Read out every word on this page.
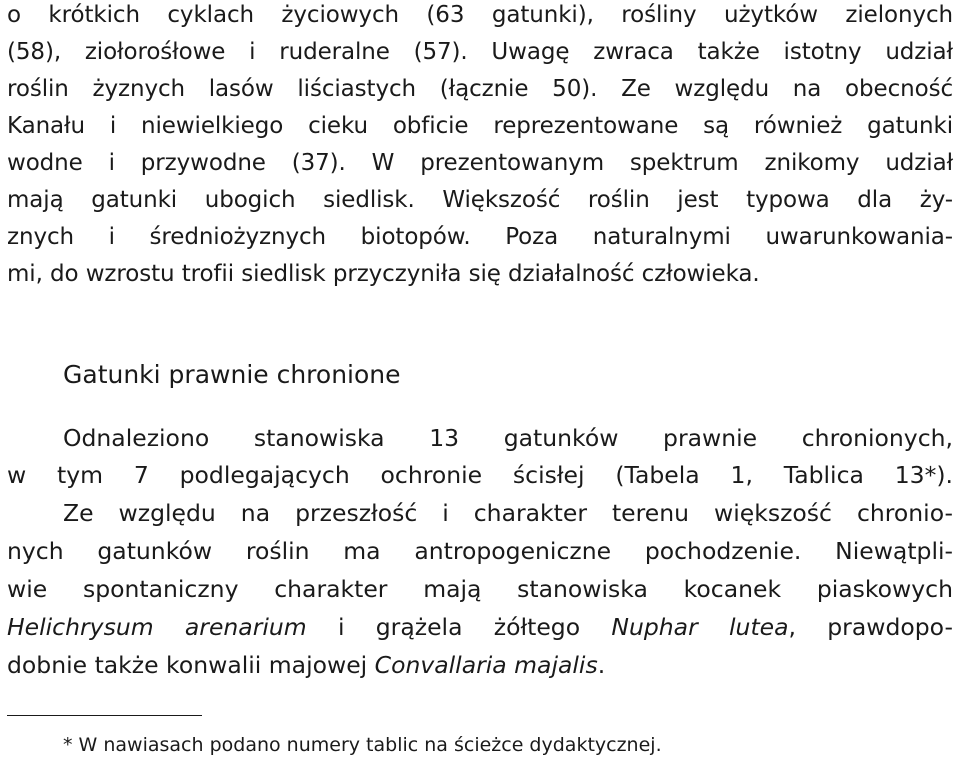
o krótkich cyklach życiowych (63 gatunki), rośliny użytków zielonych
(58), ziołorośłowe i ruderalne (57). Uwagę zwraca także istotny udział
roślin żyznych lasów liściastych (łącznie 50). Ze względu na obecność
Kanału i niewielkiego cieku obficie reprezentowane są również gatunki
wodne i przywodne (37). W prezentowanym spektrum znikomy udział
mają gatunki ubogich siedlisk. Większość roślin jest typowa dla ży-
znych i średniożyznych biotopów. Poza naturalnymi uwarunkowania-
mi, do wzrostu trofii siedlisk przyczyniła się działalność człowieka.
Gatunki prawnie chronione
Odnaleziono stanowiska 13 gatunków prawnie chronionych,
w tym 7 podlegających ochronie ścisłej (Tabela 1, Tablica 13*).
Ze względu na przeszłość i charakter terenu większość chronio-
nych gatunków roślin ma antropogeniczne pochodzenie. Niewątpli-
wie spontaniczny charakter mają stanowiska kocanek piaskowych
Helichrysum arenarium i grążela żółtego Nuphar lutea, prawdopo-
dobnie także konwalii majowej Convallaria majalis.
* W nawiasach podano numery tablic na ścieżce dydaktycznej.
